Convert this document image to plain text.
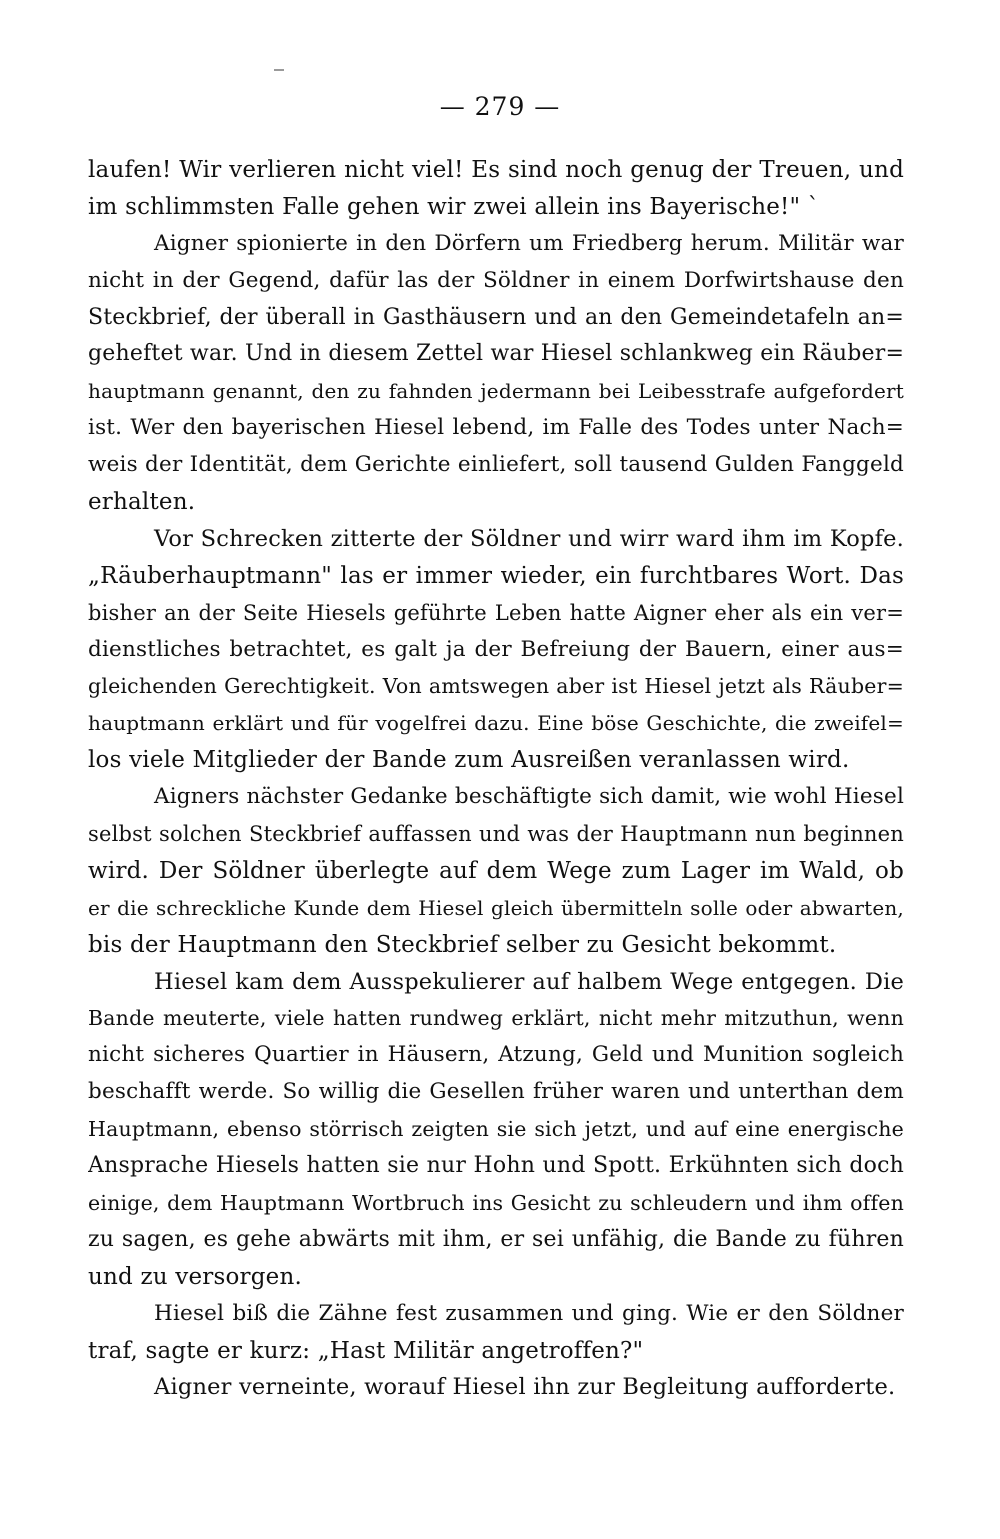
— 279 —
laufen! Wir verlieren nicht viel! Es sind noch genug der Treuen, und
im schlimmsten Falle gehen wir zwei allein ins Bayerische!" ˋ
Aigner spionierte in den Dörfern um Friedberg herum. Militär war
nicht in der Gegend, dafür las der Söldner in einem Dorfwirtshause den
Steckbrief, der überall in Gasthäusern und an den Gemeindetafeln an=
geheftet war. Und in diesem Zettel war Hiesel schlankweg ein Räuber=
hauptmann genannt, den zu fahnden jedermann bei Leibesstrafe aufgefordert
ist. Wer den bayerischen Hiesel lebend, im Falle des Todes unter Nach=
weis der Identität, dem Gerichte einliefert, soll tausend Gulden Fanggeld
erhalten.
Vor Schrecken zitterte der Söldner und wirr ward ihm im Kopfe.
„Räuberhauptmann" las er immer wieder, ein furchtbares Wort. Das
bisher an der Seite Hiesels geführte Leben hatte Aigner eher als ein ver=
dienstliches betrachtet, es galt ja der Befreiung der Bauern, einer aus=
gleichenden Gerechtigkeit. Von amtswegen aber ist Hiesel jetzt als Räuber=
hauptmann erklärt und für vogelfrei dazu. Eine böse Geschichte, die zweifel=
los viele Mitglieder der Bande zum Ausreißen veranlassen wird.
Aigners nächster Gedanke beschäftigte sich damit, wie wohl Hiesel
selbst solchen Steckbrief auffassen und was der Hauptmann nun beginnen
wird. Der Söldner überlegte auf dem Wege zum Lager im Wald, ob
er die schreckliche Kunde dem Hiesel gleich übermitteln solle oder abwarten,
bis der Hauptmann den Steckbrief selber zu Gesicht bekommt.
Hiesel kam dem Ausspekulierer auf halbem Wege entgegen. Die
Bande meuterte, viele hatten rundweg erklärt, nicht mehr mitzuthun, wenn
nicht sicheres Quartier in Häusern, Atzung, Geld und Munition sogleich
beschafft werde. So willig die Gesellen früher waren und unterthan dem
Hauptmann, ebenso störrisch zeigten sie sich jetzt, und auf eine energische
Ansprache Hiesels hatten sie nur Hohn und Spott. Erkühnten sich doch
einige, dem Hauptmann Wortbruch ins Gesicht zu schleudern und ihm offen
zu sagen, es gehe abwärts mit ihm, er sei unfähig, die Bande zu führen
und zu versorgen.
Hiesel biß die Zähne fest zusammen und ging. Wie er den Söldner
traf, sagte er kurz: „Hast Militär angetroffen?"
Aigner verneinte, worauf Hiesel ihn zur Begleitung aufforderte.
